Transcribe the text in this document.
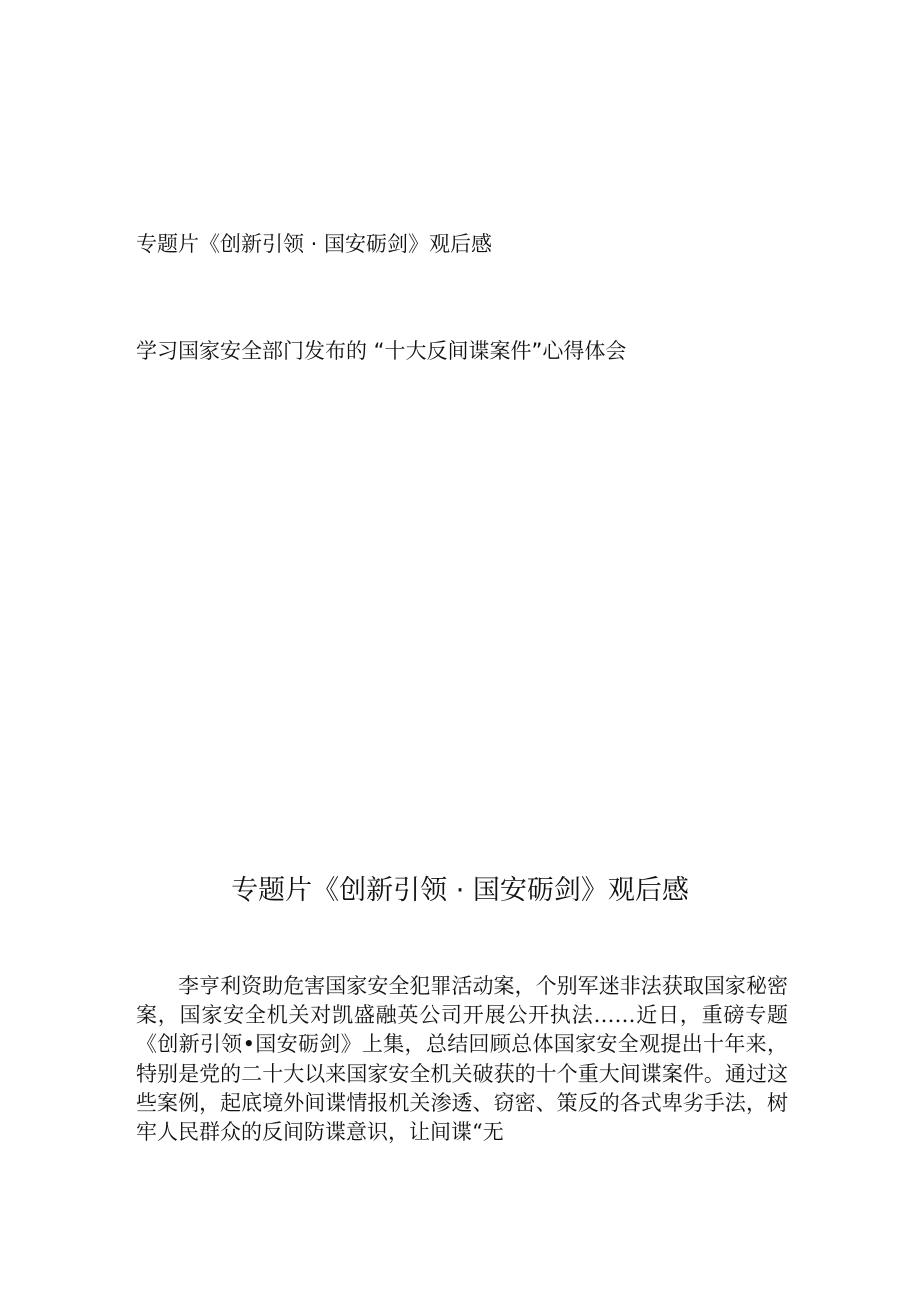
专题片《创新引领 · 国安砺剑》观后感
学习国家安全部门发布的 “十大反间谍案件”心得体会
专题片《创新引领 · 国安砺剑》观后感

李亨利资助危害国家安全犯罪活动案，个别军迷非法获取国家秘密案，国家安全机关对凯盛融英公司开展公开执法……近日，重磅专题《创新引领•国安砺剑》上集，总结回顾总体国家安全观提出十年来，特别是党的二十大以来国家安全机关破获的十个重大间谍案件。通过这些案例，起底境外间谍情报机关渗透、窃密、策反的各式卑劣手法，树牢人民群众的反间防谍意识，让间谍“无
